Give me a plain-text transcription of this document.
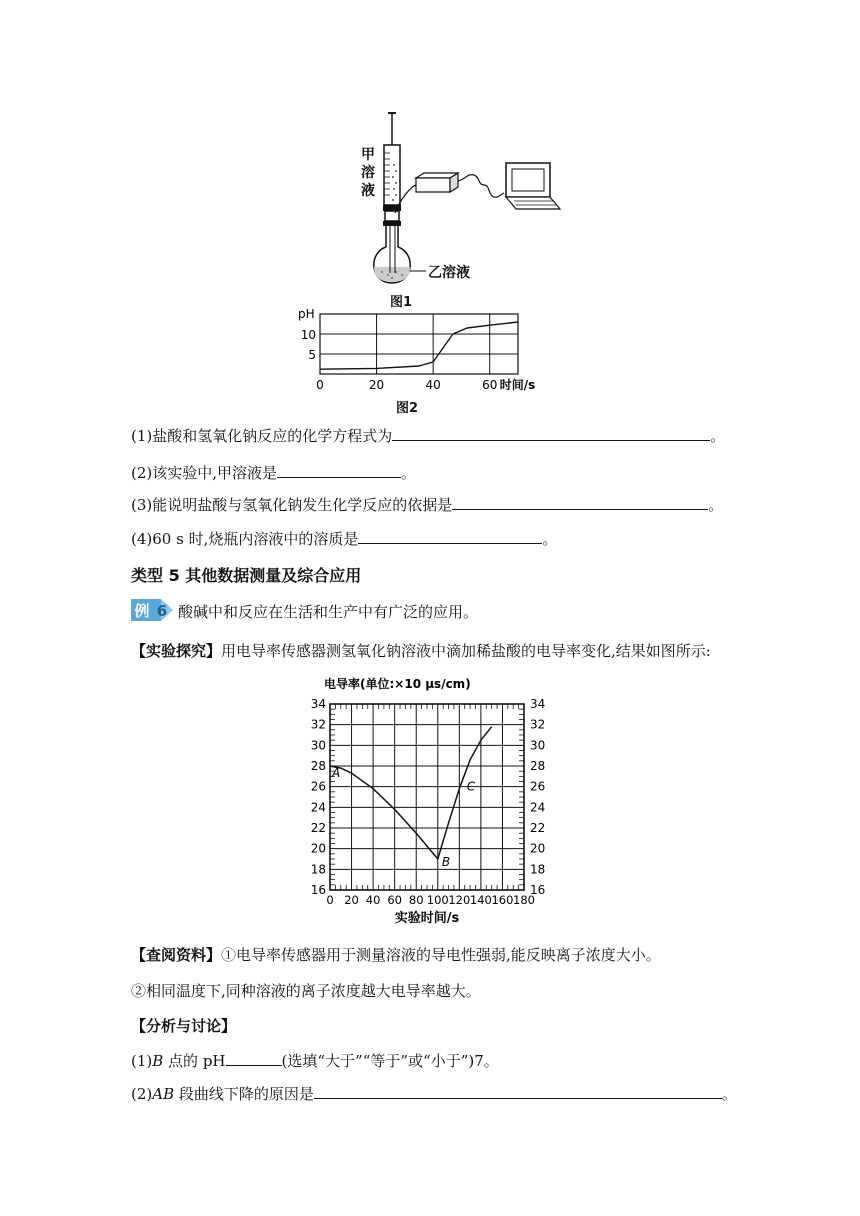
甲溶液
乙溶液
图1
pH
10
5
0	20	40	60 时间/s
图2
(1)盐酸和氢氧化钠反应的化学方程式为	。
(2)该实验中,甲溶液是	。
(3)能说明盐酸与氢氧化钠发生化学反应的依据是	。
(4)60 s 时,烧瓶内溶液中的溶质是	。
类型 5 其他数据测量及综合应用
例 6 酸碱中和反应在生活和生产中有广泛的应用。
【实验探究】用电导率传感器测氢氧化钠溶液中滴加稀盐酸的电导率变化,结果如图所示:
电导率(单位:×10 μs/cm)
34	34
32	32
30	30
28	28
26	26
24	24
22	22
20	20
18	18
16	16
0 20 40 60 80 100 120 140 160 180
实验时间/s
A
B
C
【查阅资料】①电导率传感器用于测量溶液的导电性强弱,能反映离子浓度大小。
②相同温度下,同种溶液的离子浓度越大电导率越大。
【分析与讨论】
(1)B 点的 pH	(选填“大于”“等于”或“小于”)7。
(2)AB 段曲线下降的原因是	。
